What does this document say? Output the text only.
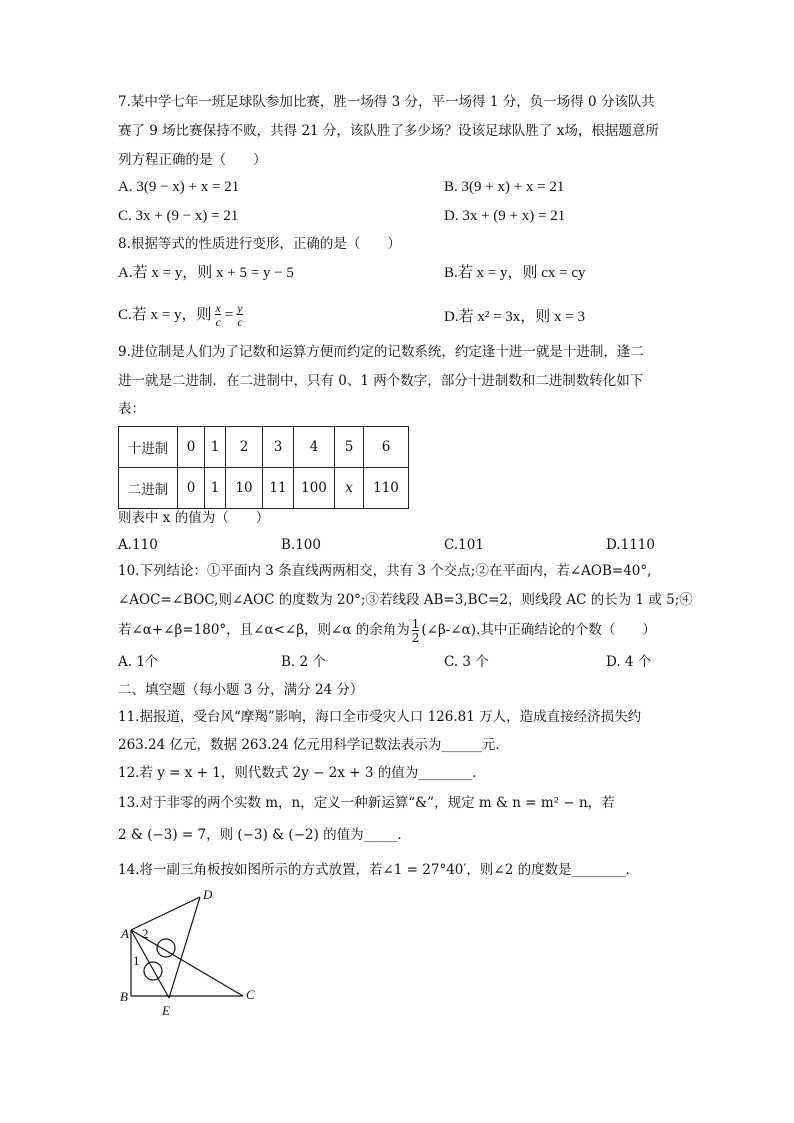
7.某中学七年一班足球队参加比赛，胜一场得 3 分，平一场得 1 分，负一场得 0 分该队共
赛了 9 场比赛保持不败，共得 21 分，该队胜了多少场？设该足球队胜了 x场，根据题意所
列方程正确的是（　　）
A. 3(9 − x) + x = 21	B. 3(9 + x) + x = 21
C. 3x + (9 − x) = 21	D. 3x + (9 + x) = 21
8.根据等式的性质进行变形，正确的是（　　）
A.若 x = y，则 x + 5 = y − 5	B.若 x = y，则 cx = cy
C.若 x = y，则 $\frac{x}{c} = \frac{y}{c}$	D.若 x² = 3x，则 x = 3
9.进位制是人们为了记数和运算方便而约定的记数系统，约定逢十进一就是十进制，逢二
进一就是二进制．在二进制中，只有 0、1 两个数字，部分十进制数和二进制数转化如下
表：
十进制	0	1	2	3	4	5	6
二进制	0	1	10	11	100	x	110
则表中 x 的值为（　　）
A.110	B.100	C.101	D.1110
10.下列结论：①平面内 3 条直线两两相交，共有 3 个交点;②在平面内，若∠AOB=40°,
∠AOC=∠BOC,则∠AOC 的度数为 20°;③若线段 AB=3,BC=2，则线段 AC 的长为 1 或 5;④
若∠α+∠β=180°，且∠α<∠β，则∠α 的余角为 $\frac{1}{2}$ (∠β-∠α).其中正确结论的个数（　　）
A. 1个	B. 2 个	C. 3 个	D. 4 个
二、填空题（每小题 3 分，满分 24 分）
11.据报道，受台风“摩羯”影响，海口全市受灾人口 126.81 万人，造成直接经济损失约
263.24 亿元，数据 263.24 亿元用科学记数法表示为______元．
12.若 y = x + 1，则代数式 2y − 2x + 3 的值为________．
13.对于非零的两个实数 m，n，定义一种新运算“&”，规定 m & n = m² − n，若
2 & (−3) = 7，则 (−3) & (−2) 的值为_____．
14.将一副三角板按如图所示的方式放置，若∠1 = 27°40′，则∠2 的度数是________．
A
B	C
D
E
1
2
